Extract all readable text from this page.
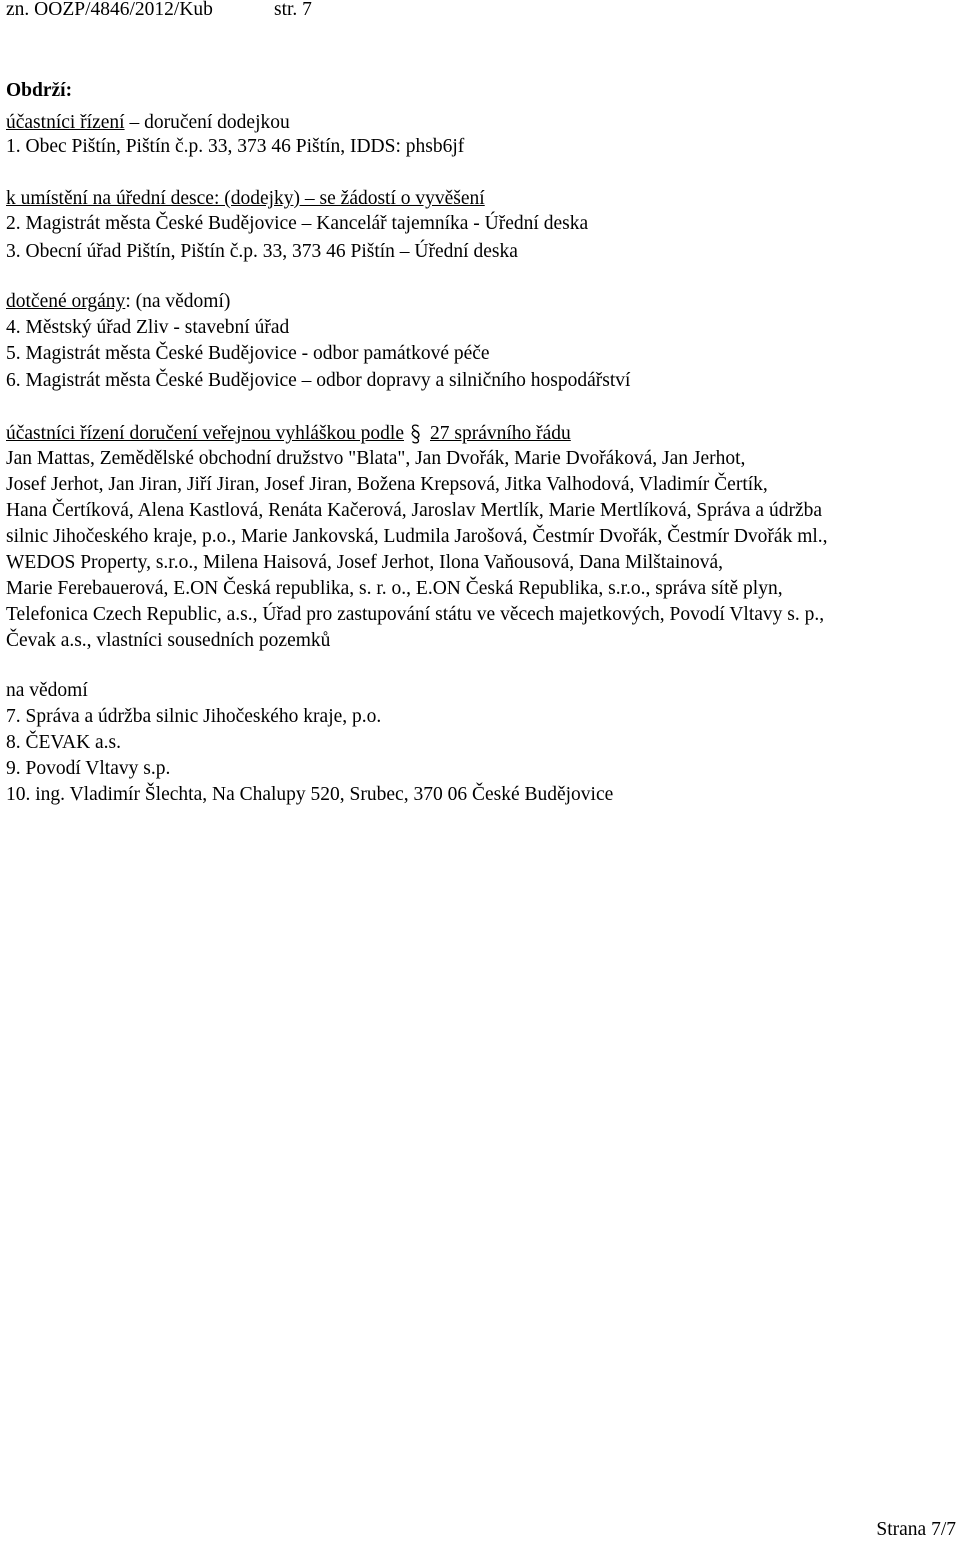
zn. OOZP/4846/2012/Kub	str. 7
Obdrží:
účastníci řízení – doručení dodejkou
1. Obec Pištín, Pištín č.p. 33, 373 46 Pištín, IDDS: phsb6jf
k umístění na úřední desce: (dodejky) – se žádostí o vyvěšení
2. Magistrát města České Budějovice – Kancelář tajemníka - Úřední deska
3. Obecní úřad Pištín, Pištín č.p. 33, 373 46 Pištín – Úřední deska
dotčené orgány: (na vědomí)
4. Městský úřad Zliv - stavební úřad
5. Magistrát města České Budějovice - odbor památkové péče
6. Magistrát města České Budějovice – odbor dopravy a silničního hospodářství
účastníci řízení doručení veřejnou vyhláškou podle 27 správního řádu
Jan Mattas, Zemědělské obchodní družstvo "Blata", Jan Dvořák, Marie Dvořáková, Jan Jerhot,
Josef Jerhot, Jan Jiran, Jiří Jiran, Josef Jiran, Božena Krepsová, Jitka Valhodová, Vladimír Čertík,
Hana Čertíková, Alena Kastlová, Renáta Kačerová, Jaroslav Mertlík, Marie Mertlíková, Správa a údržba
silnic Jihočeského kraje, p.o., Marie Jankovská, Ludmila Jarošová, Čestmír Dvořák, Čestmír Dvořák ml.,
WEDOS Property, s.r.o., Milena Haisová, Josef Jerhot, Ilona Vaňousová, Dana Milštainová,
Marie Ferebauerová, E.ON Česká republika, s. r. o., E.ON Česká Republika, s.r.o., správa sítě plyn,
Telefonica Czech Republic, a.s., Úřad pro zastupování státu ve věcech majetkových, Povodí Vltavy s. p.,
Čevak a.s., vlastníci sousedních pozemků
na vědomí
7. Správa a údržba silnic Jihočeského kraje, p.o.
8. ČEVAK a.s.
9. Povodí Vltavy s.p.
10. ing. Vladimír Šlechta, Na Chalupy 520, Srubec, 370 06 České Budějovice
Strana 7/7
